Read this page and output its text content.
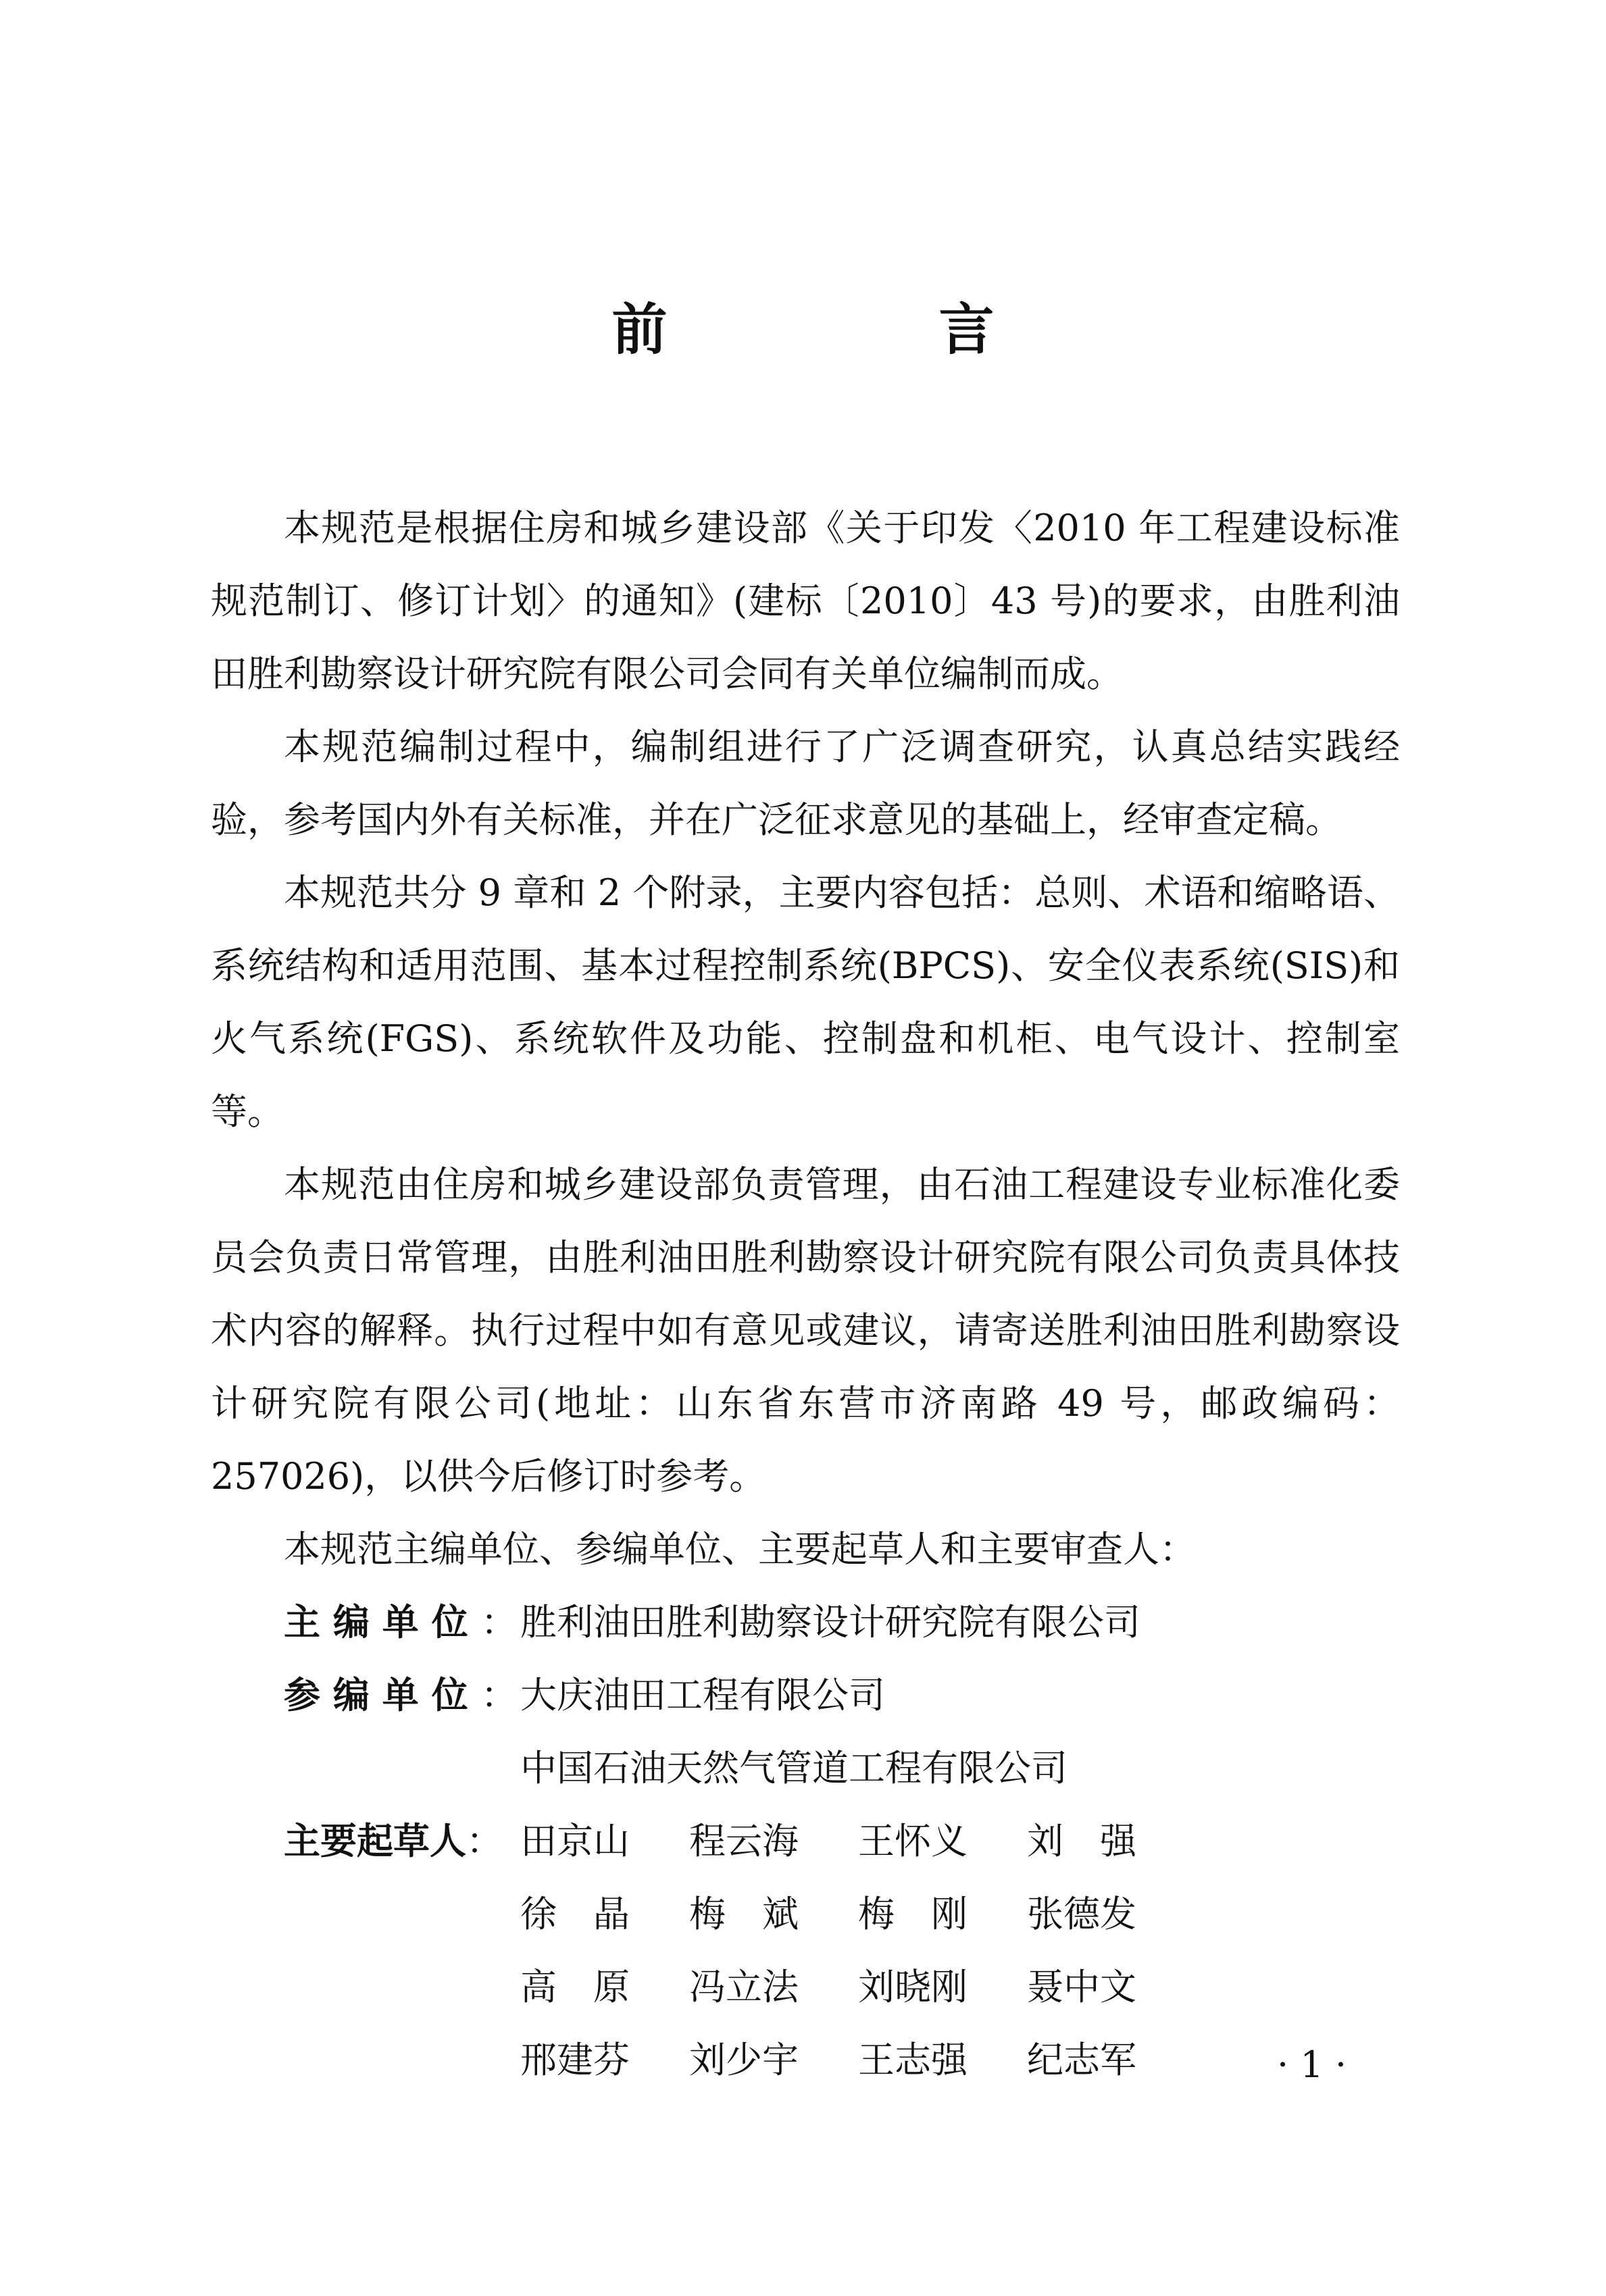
前　言

本规范是根据住房和城乡建设部《关于印发〈2010 年工程建设标准规范制订、修订计划〉的通知》(建标〔2010〕43 号)的要求，由胜利油田胜利勘察设计研究院有限公司会同有关单位编制而成。

本规范编制过程中，编制组进行了广泛调查研究，认真总结实践经验，参考国内外有关标准，并在广泛征求意见的基础上，经审查定稿。

本规范共分 9 章和 2 个附录，主要内容包括：总则、术语和缩略语、系统结构和适用范围、基本过程控制系统(BPCS)、安全仪表系统(SIS)和火气系统(FGS)、系统软件及功能、控制盘和机柜、电气设计、控制室等。

本规范由住房和城乡建设部负责管理，由石油工程建设专业标准化委员会负责日常管理，由胜利油田胜利勘察设计研究院有限公司负责具体技术内容的解释。执行过程中如有意见或建议，请寄送胜利油田胜利勘察设计研究院有限公司(地址：山东省东营市济南路 49 号，邮政编码：257026)，以供今后修订时参考。

本规范主编单位、参编单位、主要起草人和主要审查人：

主编单位： 胜利油田胜利勘察设计研究院有限公司
参编单位： 大庆油田工程有限公司
中国石油天然气管道工程有限公司
主要起草人： 田京山	程云海	王怀义	刘　强
徐　晶	梅　斌	梅　刚	张德发
高　原	冯立法	刘晓刚	聂中文
邢建芬	刘少宇	王志强	纪志军	· 1 ·
